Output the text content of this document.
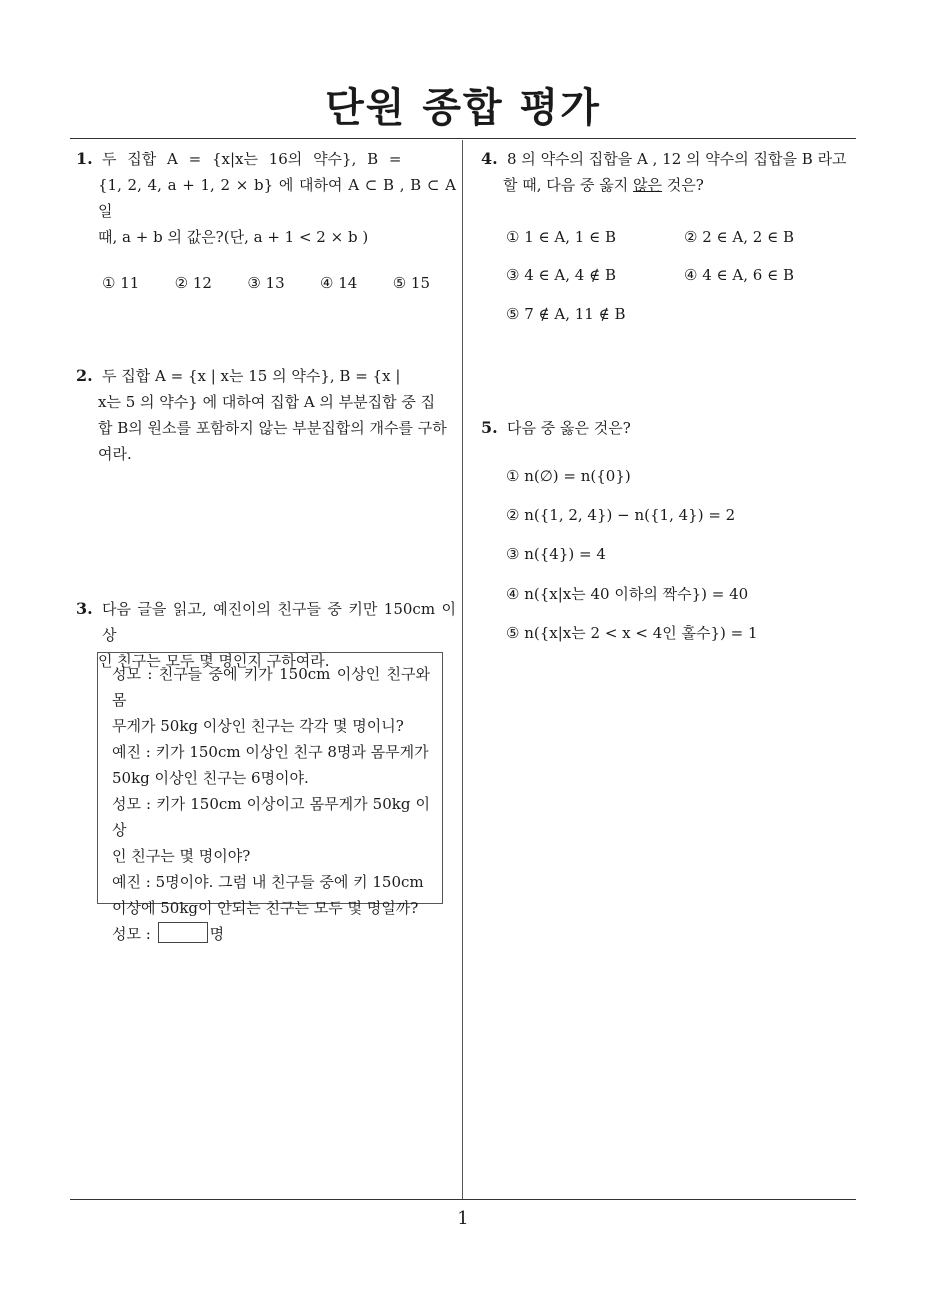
단원 종합 평가
1. 두 집합 A = {x|x는 16의 약수}, B =
{1, 2, 4, a + 1, 2 × b} 에 대하여 A ⊂ B , B ⊂ A 일
때, a + b 의 값은?(단, a + 1 < 2 × b )
① 11 ② 12 ③ 13 ④ 14 ⑤ 15
2. 두 집합 A = {x | x는 15 의 약수}, B = {x |
x는 5 의 약수} 에 대하여 집합 A 의 부분집합 중 집
합 B의 원소를 포함하지 않는 부분집합의 개수를 구하
여라.
3. 다음 글을 읽고, 예진이의 친구들 중 키만 150cm 이상
인 친구는 모두 몇 명인지 구하여라.
성모 : 친구들 중에 키가 150cm 이상인 친구와 몸
무게가 50kg 이상인 친구는 각각 몇 명이니?
예진 : 키가 150cm 이상인 친구 8명과 몸무게가
50kg 이상인 친구는 6명이야.
성모 : 키가 150cm 이상이고 몸무게가 50kg 이상
인 친구는 몇 명이야?
예진 : 5명이야. 그럼 내 친구들 중에 키 150cm
이상에 50kg이 안되는 친구는 모두 몇 명일까?
성모 :	명
4. 8 의 약수의 집합을 A , 12 의 약수의 집합을 B 라고
할 때, 다음 중 옳지 않은 것은?
① 1 ∈ A, 1 ∈ B	② 2 ∈ A, 2 ∈ B
③ 4 ∈ A, 4 ∉ B	④ 4 ∈ A, 6 ∈ B
⑤ 7 ∉ A, 11 ∉ B
5. 다음 중 옳은 것은?
① n(∅) = n({0})
② n({1, 2, 4}) − n({1, 4}) = 2
③ n({4}) = 4
④ n({x|x는 40 이하의 짝수}) = 40
⑤ n({x|x는 2 < x < 4인 홀수}) = 1
1
